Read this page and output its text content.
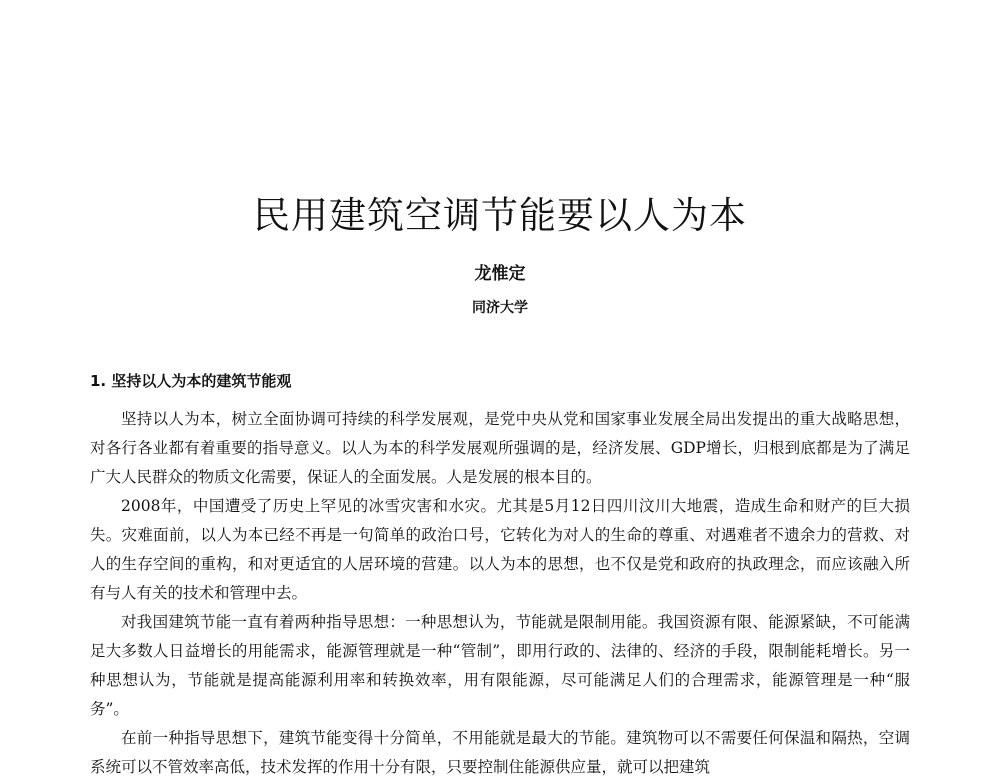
民用建筑空调节能要以人为本
龙惟定
同济大学
1. 坚持以人为本的建筑节能观

坚持以人为本，树立全面协调可持续的科学发展观，是党中央从党和国家事业发展全局出发提出的重大战略思想，对各行各业都有着重要的指导意义。以人为本的科学发展观所强调的是，经济发展、GDP增长，归根到底都是为了满足广大人民群众的物质文化需要，保证人的全面发展。人是发展的根本目的。

2008年，中国遭受了历史上罕见的冰雪灾害和水灾。尤其是5月12日四川汶川大地震，造成生命和财产的巨大损失。灾难面前，以人为本已经不再是一句简单的政治口号，它转化为对人的生命的尊重、对遇难者不遗余力的营救、对人的生存空间的重构，和对更适宜的人居环境的营建。以人为本的思想，也不仅是党和政府的执政理念，而应该融入所有与人有关的技术和管理中去。

对我国建筑节能一直有着两种指导思想：一种思想认为，节能就是限制用能。我国资源有限、能源紧缺，不可能满足大多数人日益增长的用能需求，能源管理就是一种“管制”，即用行政的、法律的、经济的手段，限制能耗增长。另一种思想认为，节能就是提高能源利用率和转换效率，用有限能源，尽可能满足人们的合理需求，能源管理是一种“服务”。

在前一种指导思想下，建筑节能变得十分简单，不用能就是最大的节能。建筑物可以不需要任何保温和隔热，空调系统可以不管效率高低，技术发挥的作用十分有限，只要控制住能源供应量，就可以把建筑
